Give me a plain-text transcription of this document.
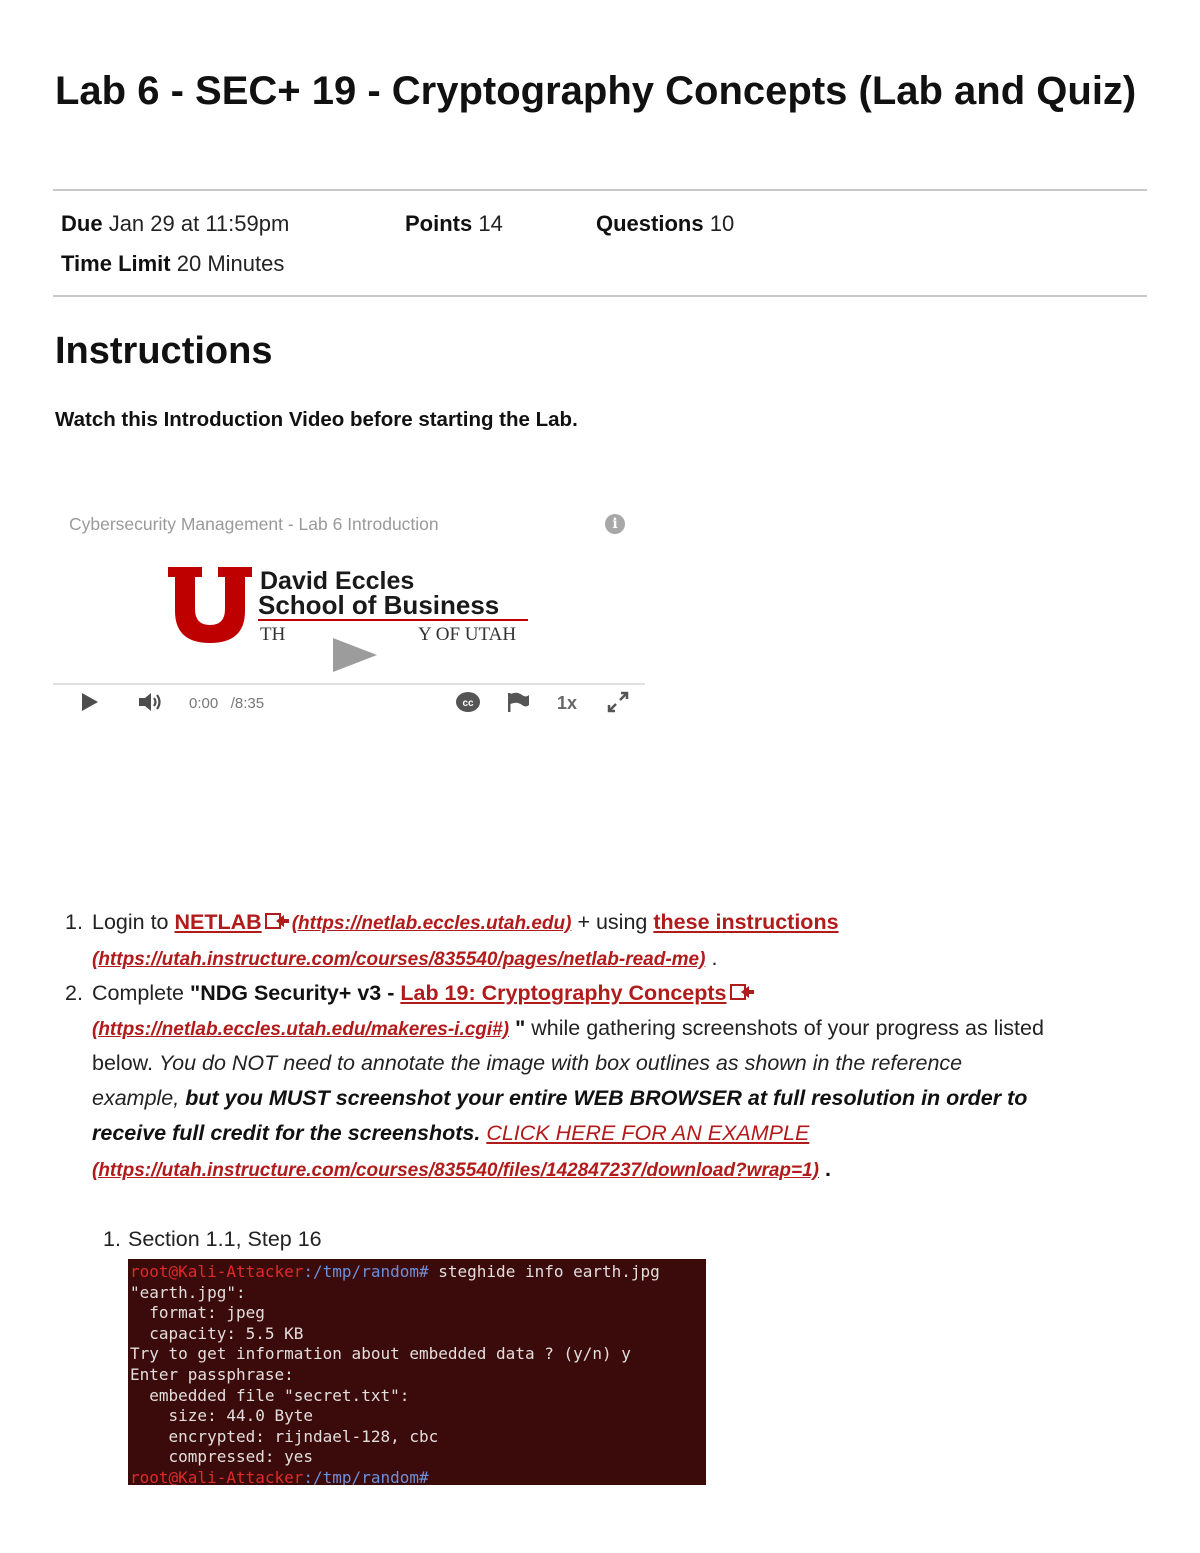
Lab 6 - SEC+ 19 - Cryptography Concepts (Lab and Quiz)
Due Jan 29 at 11:59pm	Points 14	Questions 10
Time Limit 20 Minutes
Instructions
Watch this Introduction Video before starting the Lab.
Cybersecurity Management - Lab 6 Introduction	i
David Eccles
School of Business
TH	Y OF UTAH
0:00 /8:35	cc	1x
1. Login to NETLAB (https://netlab.eccles.utah.edu) + using these instructions
(https://utah.instructure.com/courses/835540/pages/netlab-read-me) .
2. Complete "NDG Security+ v3 - Lab 19: Cryptography Concepts
(https://netlab.eccles.utah.edu/makeres-i.cgi#) " while gathering screenshots of your progress as listed
below. You do NOT need to annotate the image with box outlines as shown in the reference
example, but you MUST screenshot your entire WEB BROWSER at full resolution in order to
receive full credit for the screenshots. CLICK HERE FOR AN EXAMPLE
(https://utah.instructure.com/courses/835540/files/142847237/download?wrap=1) .
1. Section 1.1, Step 16
root@Kali-Attacker:/tmp/random# steghide info earth.jpg
"earth.jpg":
format: jpeg
capacity: 5.5 KB
Try to get information about embedded data ? (y/n) y
Enter passphrase:
embedded file "secret.txt":
size: 44.0 Byte
encrypted: rijndael-128, cbc
compressed: yes
root@Kali-Attacker:/tmp/random#
